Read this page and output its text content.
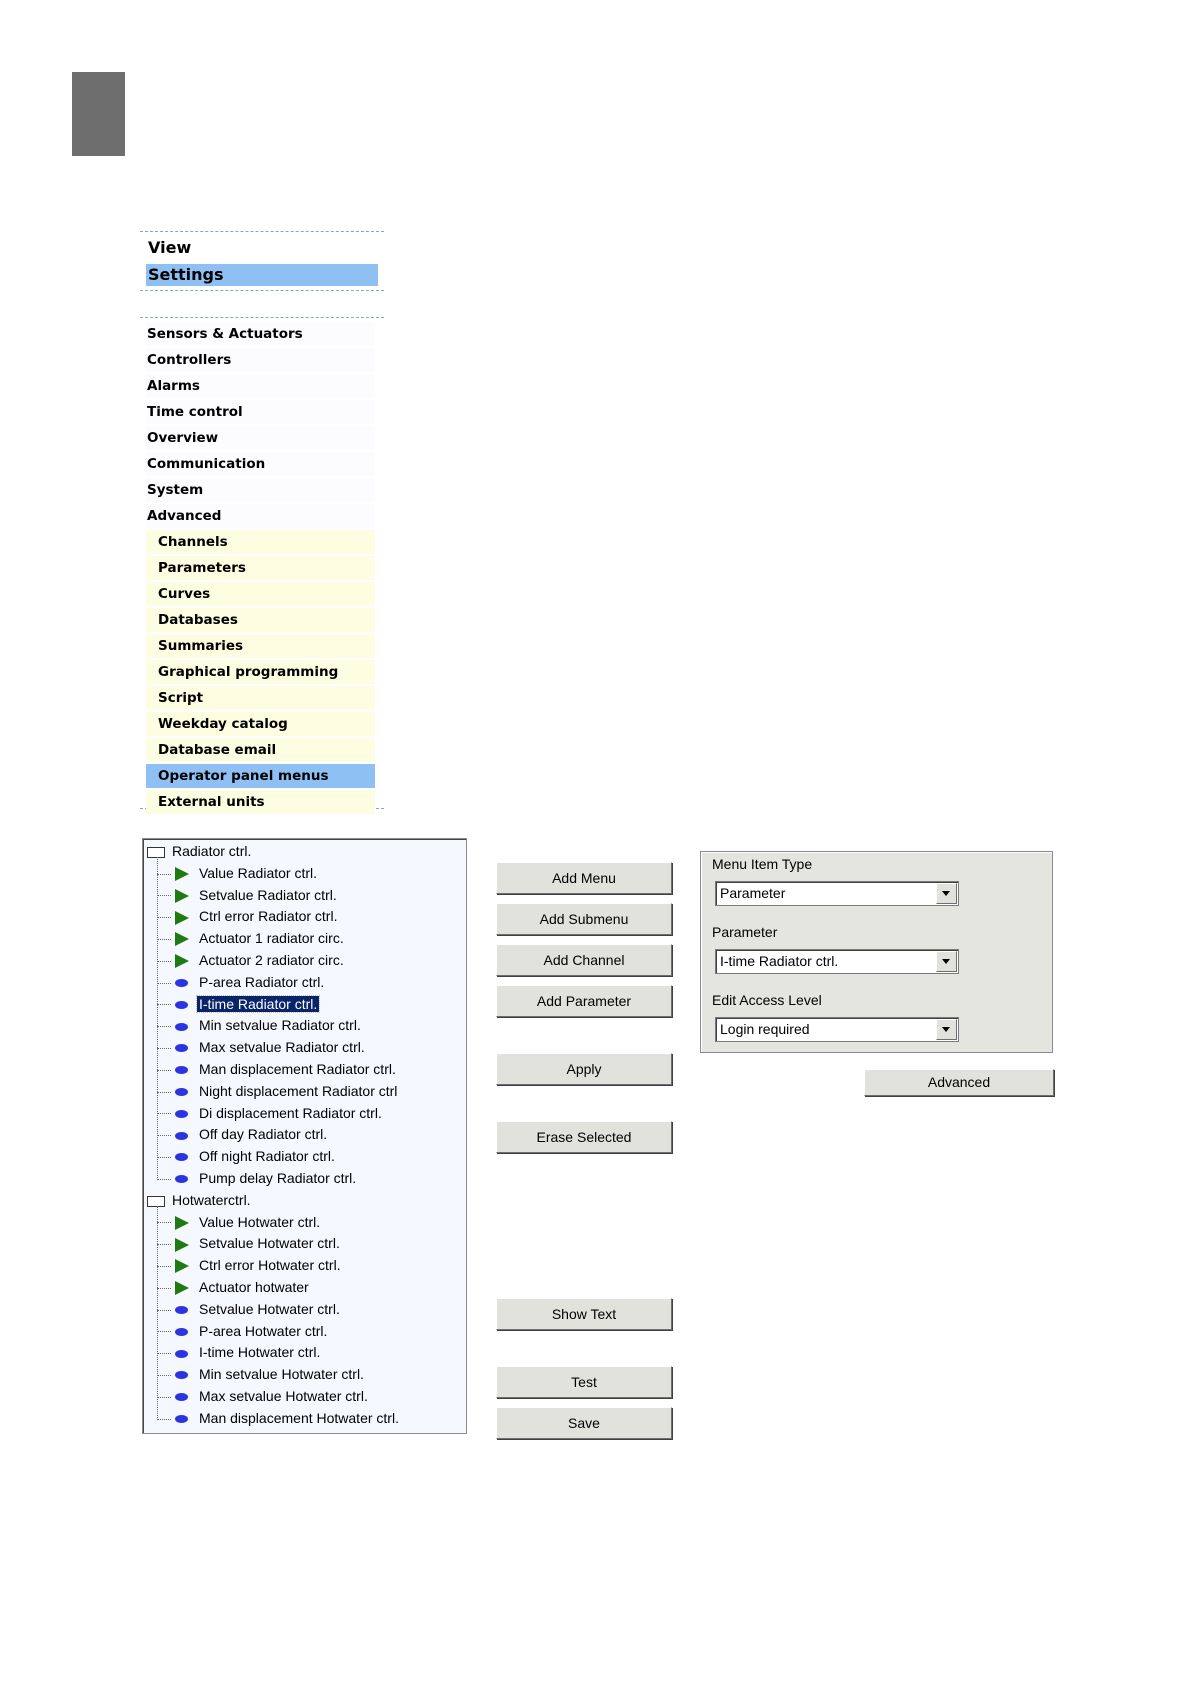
View
Settings
Sensors & Actuators
Controllers
Alarms
Time control
Overview
Communication
System
Advanced
Channels
Parameters
Curves
Databases
Summaries
Graphical programming
Script
Weekday catalog
Database email
Operator panel menus
External units
Radiator ctrl.
Value Radiator ctrl.
Setvalue Radiator ctrl.
Ctrl error Radiator ctrl.
Actuator 1 radiator circ.
Actuator 2 radiator circ.
P-area Radiator ctrl.
I-time Radiator ctrl.
Min setvalue Radiator ctrl.
Max setvalue Radiator ctrl.
Man displacement Radiator ctrl.
Night displacement Radiator ctrl
Di displacement Radiator ctrl.
Off day Radiator ctrl.
Off night Radiator ctrl.
Pump delay Radiator ctrl.
Hotwaterctrl.
Value Hotwater ctrl.
Setvalue Hotwater ctrl.
Ctrl error Hotwater ctrl.
Actuator hotwater
Setvalue Hotwater ctrl.
P-area Hotwater ctrl.
I-time Hotwater ctrl.
Min setvalue Hotwater ctrl.
Max setvalue Hotwater ctrl.
Man displacement Hotwater ctrl.
Add Menu
Add Submenu
Add Channel
Add Parameter
Apply
Erase Selected
Show Text
Test
Save
Menu Item Type
Parameter
Parameter
I-time Radiator ctrl.
Edit Access Level
Login required
Advanced
